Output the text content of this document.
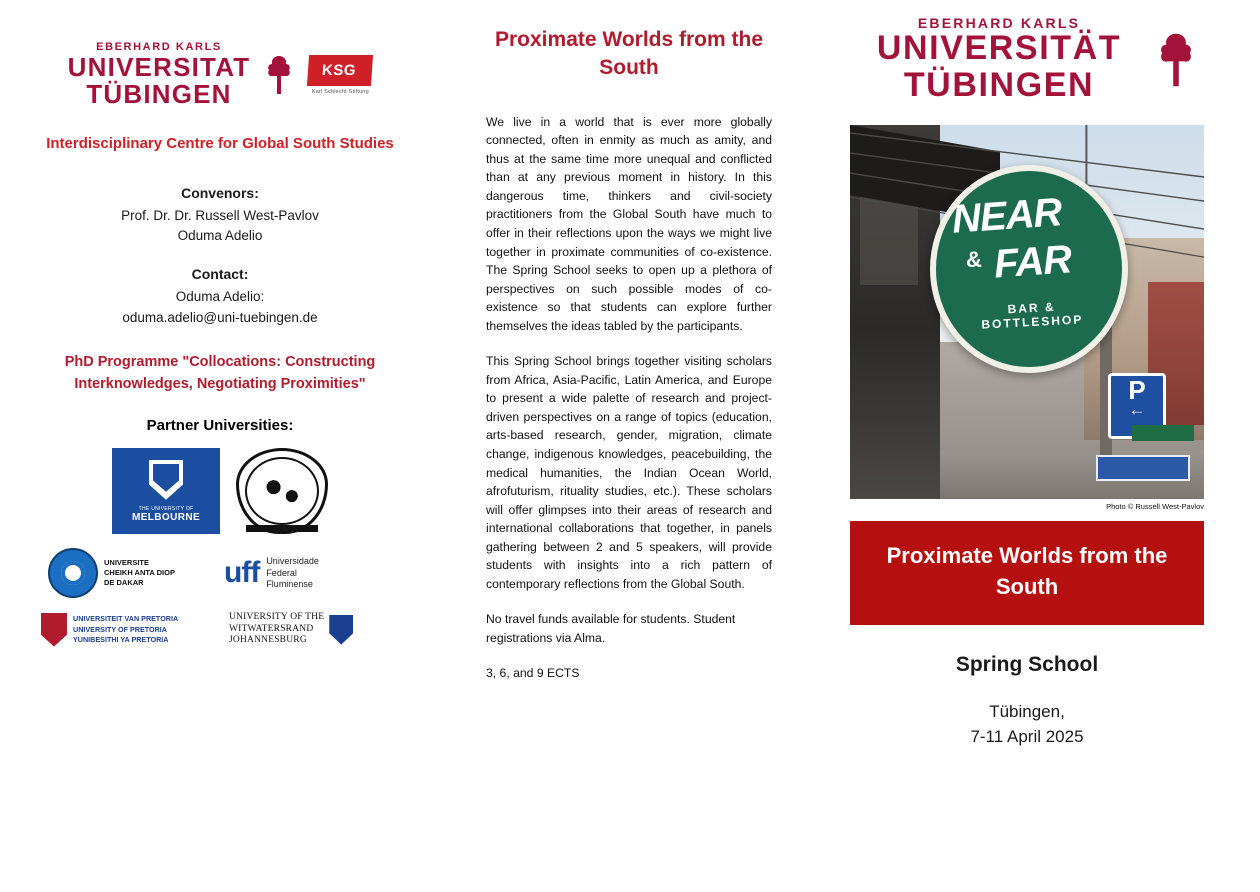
EBERHARD KARLS
UNIVERSITAT
TÜBINGEN
KSG
Karl Schlecht Stiftung
Interdisciplinary Centre for Global South Studies
Convenors:
Prof. Dr. Dr. Russell West-Pavlov
Oduma Adelio
Contact:
Oduma Adelio:
oduma.adelio@uni-tuebingen.de
PhD Programme "Collocations: Constructing Interknowledges, Negotiating Proximities"
Partner Universities:
THE UNIVERSITY OF
MELBOURNE
UNIVERSITE
CHEIKH ANTA DIOP
DE DAKAR	uff Universidade
Federal
Fluminense
UNIVERSITEIT VAN PRETORIA
UNIVERSITY OF PRETORIA
YUNIBESITHI YA PRETORIA
UNIVERSITY OF THE
WITWATERSRAND
JOHANNESBURG
Proximate Worlds from the South

We live in a world that is ever more globally connected, often in enmity as much as amity, and thus at the same time more unequal and conflicted than at any previous moment in history. In this dangerous time, thinkers and civil-society practitioners from the Global South have much to offer in their reflections upon the ways we might live together in proximate communities of co-existence. The Spring School seeks to open up a plethora of perspectives on such possible modes of co-existence so that students can explore further themselves the ideas tabled by the participants.

This Spring School brings together visiting scholars from Africa, Asia-Pacific, Latin America, and Europe to present a wide palette of research and project-driven perspectives on a range of topics (education, arts-based research, gender, migration, climate change, indigenous knowledges, peacebuilding, the medical humanities, the Indian Ocean World, afrofuturism, rituality studies, etc.). These scholars will offer glimpses into their areas of research and international collaborations that together, in panels gathering between 2 and 5 speakers, will provide students with insights into a rich pattern of contemporary reflections from the Global South.

No travel funds available for students. Student registrations via Alma.

3, 6, and 9 ECTS

EBERHARD KARLS
UNIVERSITÄT
TÜBINGEN
NEAR
& FAR
BAR & BOTTLESHOP
P
←
Photo © Russell West-Pavlov
Proximate Worlds from the South
Spring School
Tübingen,
7-11 April 2025
